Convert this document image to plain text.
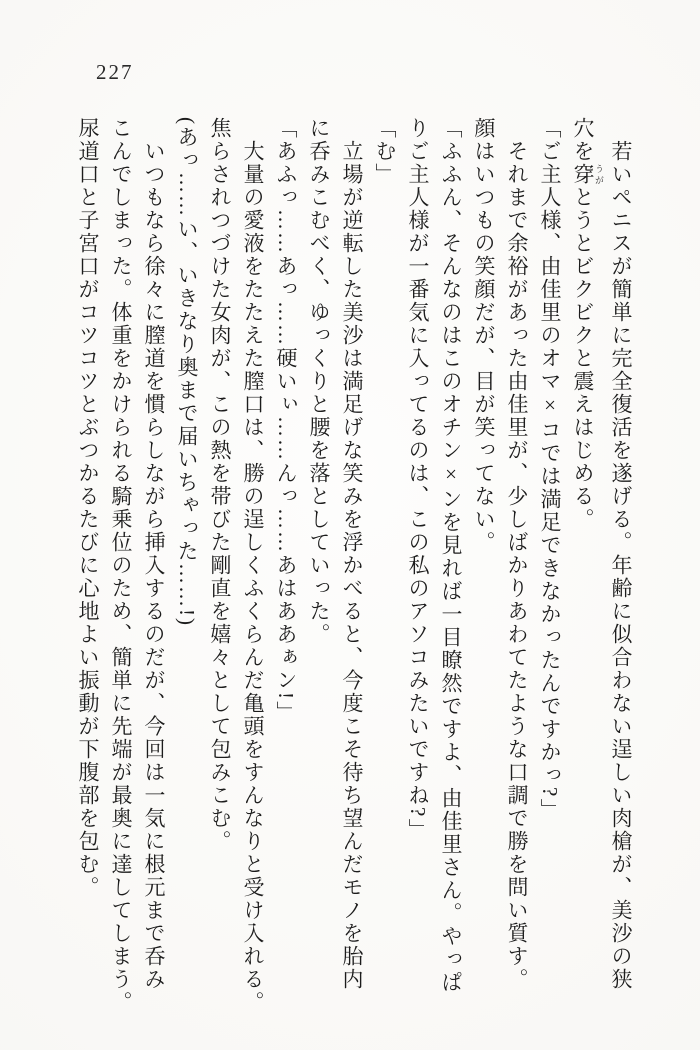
227
若いペニスが簡単に完全復活を遂げる。年齢に似合わない逞しい肉槍が、美沙の狭
穴を穿 うがとうとビクビクと震えはじめる。
「ご主人様、由佳里のオマ×コでは満足できなかったんですかっ?」
それまで余裕があった由佳里が、少しばかりあわてたような口調で勝を問い質す。
顔はいつもの笑顔だが、目が笑ってない。
「ふふん、そんなのはこのオチン×ンを見れば一目瞭然ですよ、由佳里さん。やっぱ
りご主人様が一番気に入ってるのは、この私のアソコみたいですね?」
「む」
立場が逆転した美沙は満足げな笑みを浮かべると、今度こそ待ち望んだモノを胎内
に呑みこむべく、ゆっくりと腰を落としていった。
「あふっ……あっ……硬いぃ……んっ……あはああぁン!」
大量の愛液をたたえた膣口は、勝の逞しくふくらんだ亀頭をすんなりと受け入れる。
焦らされつづけた女肉が、この熱を帯びた剛直を嬉々として包みこむ。
(あっ……い、いきなり奥まで届いちゃった……!)
いつもなら徐々に膣道を慣らしながら挿入するのだが、今回は一気に根元まで呑み
こんでしまった。体重をかけられる騎乗位のため、簡単に先端が最奥に達してしまう。
尿道口と子宮口がコツコツとぶつかるたびに心地よい振動が下腹部を包む。
